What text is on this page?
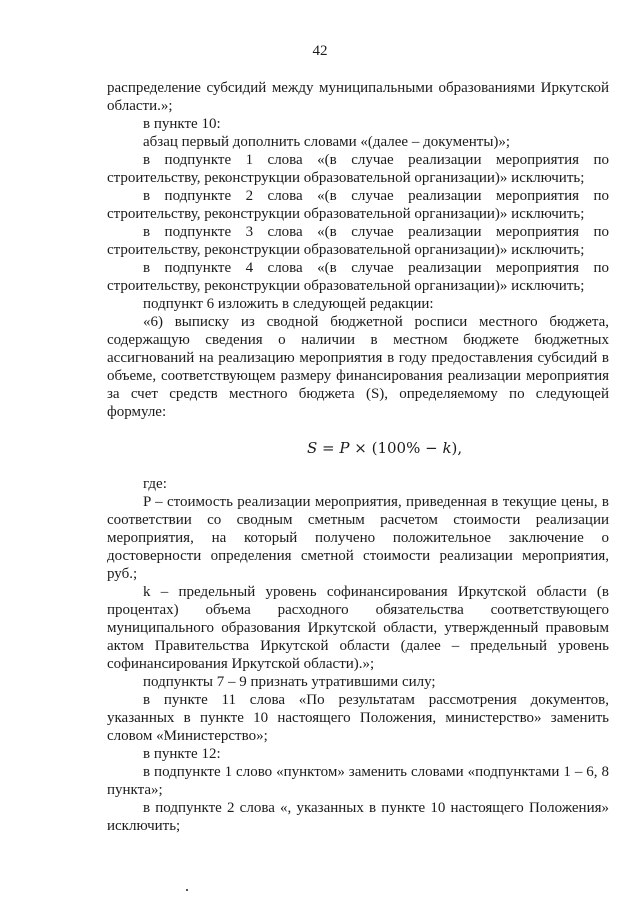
42

распределение субсидий между муниципальными образованиями Иркутской области.»;

в пункте 10:

абзац первый дополнить словами «(далее – документы)»;

в подпункте 1 слова «(в случае реализации мероприятия по строительству, реконструкции образовательной организации)» исключить;

в подпункте 2 слова «(в случае реализации мероприятия по строительству, реконструкции образовательной организации)» исключить;

в подпункте 3 слова «(в случае реализации мероприятия по строительству, реконструкции образовательной организации)» исключить;

в подпункте 4 слова «(в случае реализации мероприятия по строительству, реконструкции образовательной организации)» исключить;

подпункт 6 изложить в следующей редакции:

«6) выписку из сводной бюджетной росписи местного бюджета, содержащую сведения о наличии в местном бюджете бюджетных ассигнований на реализацию мероприятия в году предоставления субсидий в объеме, соответствующем размеру финансирования реализации мероприятия за счет средств местного бюджета (S), определяемому по следующей формуле:

S = P × (100% − k),

где:

P – стоимость реализации мероприятия, приведенная в текущие цены, в соответствии со сводным сметным расчетом стоимости реализации мероприятия, на который получено положительное заключение о достоверности определения сметной стоимости реализации мероприятия, руб.;

k – предельный уровень софинансирования Иркутской области (в процентах) объема расходного обязательства соответствующего муниципального образования Иркутской области, утвержденный правовым актом Правительства Иркутской области (далее – предельный уровень софинансирования Иркутской области).»;

подпункты 7 – 9 признать утратившими силу;

в пункте 11 слова «По результатам рассмотрения документов, указанных в пункте 10 настоящего Положения, министерство» заменить словом «Министерство»;

в пункте 12:

в подпункте 1 слово «пунктом» заменить словами «подпунктами 1 – 6, 8 пункта»;

в подпункте 2 слова «, указанных в пункте 10 настоящего Положения» исключить;
